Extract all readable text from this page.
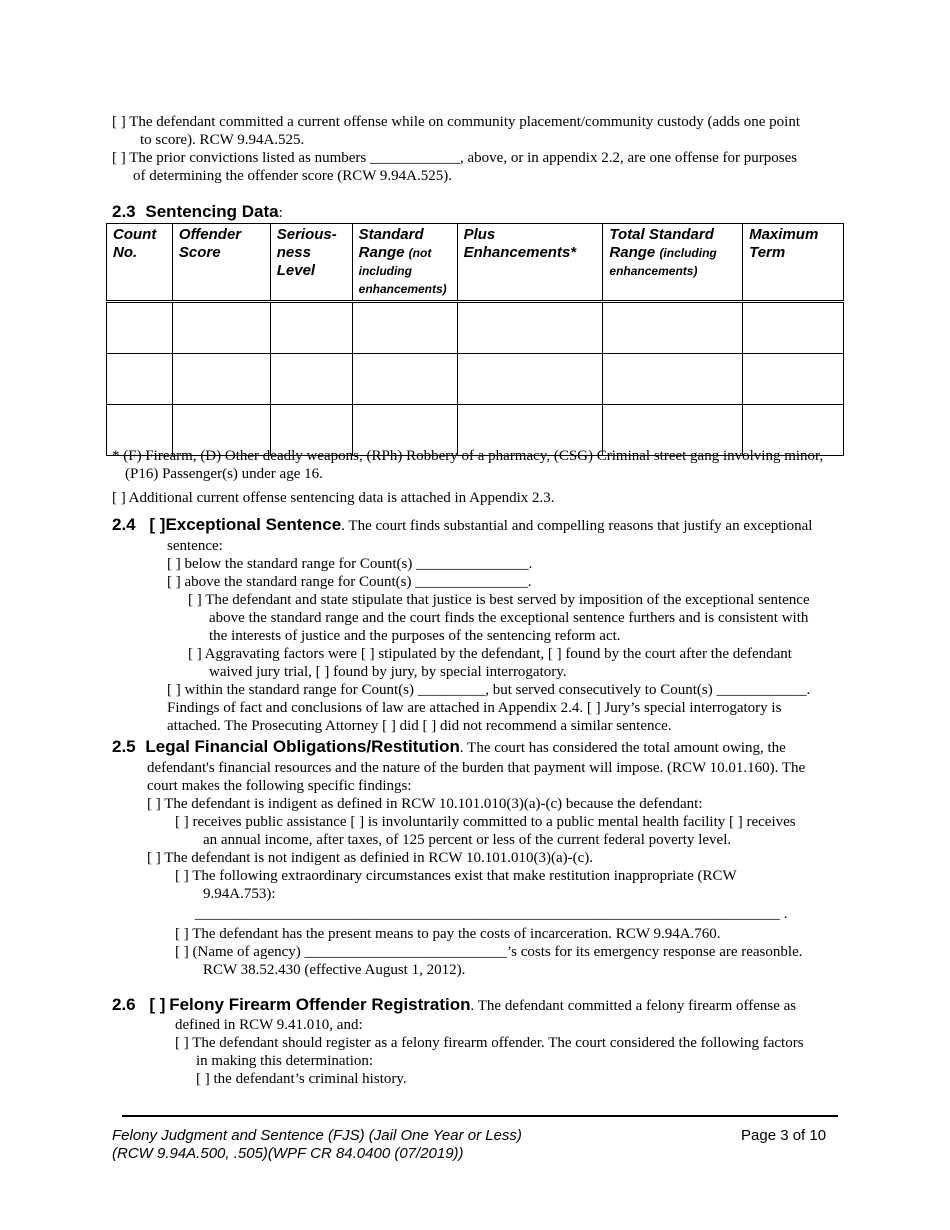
[ ] The defendant committed a current offense while on community placement/community custody (adds one point
to score). RCW 9.94A.525.
[ ] The prior convictions listed as numbers ____________, above, or in appendix 2.2, are one offense for purposes
of determining the offender score (RCW 9.94A.525).
2.3 Sentencing Data:
Count No.	Offender Score	Serious-ness Level	Standard Range (not including enhancements)	Plus Enhancements*	Total Standard Range (including enhancements)	Maximum Term

* (F) Firearm, (D) Other deadly weapons, (RPh) Robbery of a pharmacy, (CSG) Criminal street gang involving minor,
(P16) Passenger(s) under age 16.
[ ] Additional current offense sentencing data is attached in Appendix 2.3.
2.4 [ ]Exceptional Sentence. The court finds substantial and compelling reasons that justify an exceptional
sentence:
[ ] below the standard range for Count(s) _______________.
[ ] above the standard range for Count(s) _______________.
[ ] The defendant and state stipulate that justice is best served by imposition of the exceptional sentence
above the standard range and the court finds the exceptional sentence furthers and is consistent with
the interests of justice and the purposes of the sentencing reform act.
[ ] Aggravating factors were [ ] stipulated by the defendant, [ ] found by the court after the defendant
waived jury trial, [ ] found by jury, by special interrogatory.
[ ] within the standard range for Count(s) _________, but served consecutively to Count(s) ____________.
Findings of fact and conclusions of law are attached in Appendix 2.4. [ ] Jury’s special interrogatory is
attached. The Prosecuting Attorney [ ] did [ ] did not recommend a similar sentence.
2.5 Legal Financial Obligations/Restitution. The court has considered the total amount owing, the
defendant's financial resources and the nature of the burden that payment will impose. (RCW 10.01.160). The
court makes the following specific findings:
[ ] The defendant is indigent as defined in RCW 10.101.010(3)(a)-(c) because the defendant:
[ ] receives public assistance [ ] is involuntarily committed to a public mental health facility [ ] receives
an annual income, after taxes, of 125 percent or less of the current federal poverty level.
[ ] The defendant is not indigent as definied in RCW 10.101.010(3)(a)-(c).
[ ] The following extraordinary circumstances exist that make restitution inappropriate (RCW
9.94A.753):
______________________________________________________________________________ .
[ ] The defendant has the present means to pay the costs of incarceration. RCW 9.94A.760.
[ ] (Name of agency) ___________________________’s costs for its emergency response are reasonble.
RCW 38.52.430 (effective August 1, 2012).
2.6 [ ] Felony Firearm Offender Registration. The defendant committed a felony firearm offense as
defined in RCW 9.41.010, and:
[ ] The defendant should register as a felony firearm offender. The court considered the following factors
in making this determination:
[ ] the defendant’s criminal history.
Felony Judgment and Sentence (FJS) (Jail One Year or Less)
(RCW 9.94A.500, .505)(WPF CR 84.0400 (07/2019))
Page 3 of 10
